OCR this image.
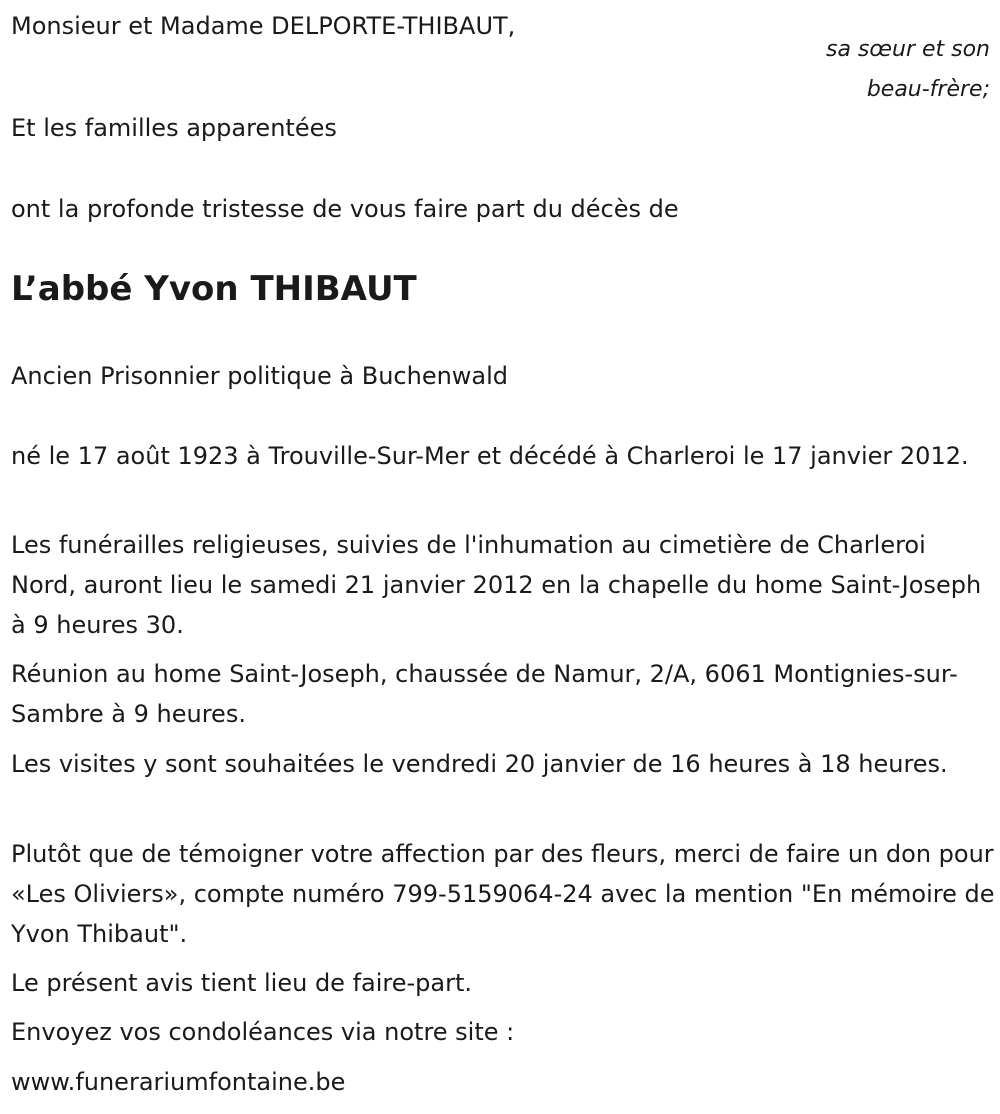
Monsieur et Madame DELPORTE-THIBAUT,
sa sœur et son beau-frère;
Et les familles apparentées
ont la profonde tristesse de vous faire part du décès de
L’abbé Yvon THIBAUT
Ancien Prisonnier politique à Buchenwald
né le 17 août 1923 à Trouville-Sur-Mer et décédé à Charleroi le 17 janvier 2012.
Les funérailles religieuses, suivies de l'inhumation au cimetière de Charleroi Nord, auront lieu le samedi 21 janvier 2012 en la chapelle du home Saint-Joseph à 9 heures 30.
Réunion au home Saint-Joseph, chaussée de Namur, 2/A, 6061 Montignies-sur-Sambre à 9 heures.
Les visites y sont souhaitées le vendredi 20 janvier de 16 heures à 18 heures.
Plutôt que de témoigner votre affection par des fleurs, merci de faire un don pour «Les Oliviers», compte numéro 799-5159064-24 avec la mention "En mémoire de Yvon Thibaut".
Le présent avis tient lieu de faire-part.
Envoyez vos condoléances via notre site :
www.funerariumfontaine.be
